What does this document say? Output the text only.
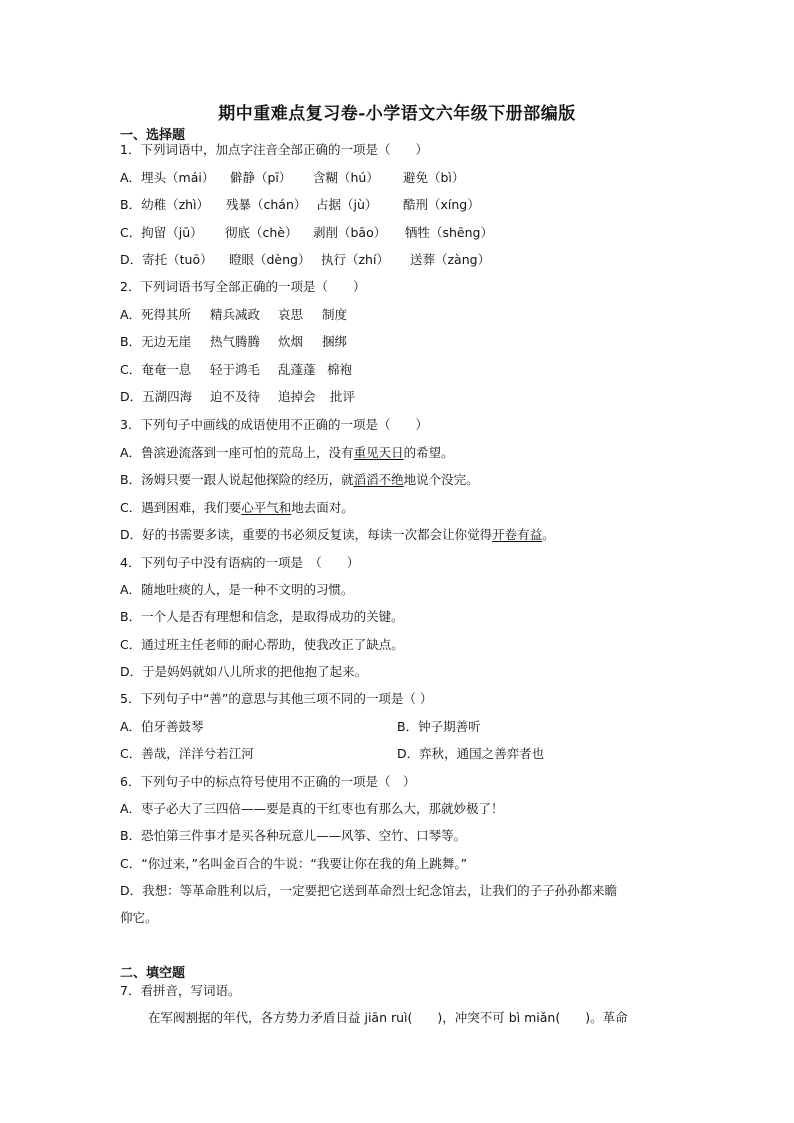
期中重难点复习卷-小学语文六年级下册部编版
一、选择题
1．下列词语中，加点字注音全部正确的一项是（　　）
A．埋头（mái） 僻静（pī） 含糊（hú） 避免（bì）
B．幼稚（zhì） 残暴（chán） 占据（jù） 酷刑（xíng）
C．拘留（jū） 彻底（chè） 剥削（bāo） 牺牲（shēng）
D．寄托（tuō） 瞪眼（dèng） 执行（zhí） 送葬（zàng）
2．下列词语书写全部正确的一项是（　　）
A．死得其所 精兵减政 哀思 制度
B．无边无崖 热气腾腾 炊烟 捆绑
C．奄奄一息 轻于鸿毛 乱蓬蓬 棉袍
D．五湖四海 迫不及待 追掉会 批评
3．下列句子中画线的成语使用不正确的一项是（　　）
A．鲁滨逊流落到一座可怕的荒岛上，没有重见天日的希望。
B．汤姆只要一跟人说起他探险的经历，就滔滔不绝地说个没完。
C．遇到困难，我们要心平气和地去面对。
D．好的书需要多读，重要的书必须反复读，每读一次都会让你觉得开卷有益。
4．下列句子中没有语病的一项是　（　　）
A．随地吐痰的人，是一种不文明的习惯。
B．一个人是否有理想和信念，是取得成功的关键。
C．通过班主任老师的耐心帮助，使我改正了缺点。
D．于是妈妈就如八儿所求的把他抱了起来。
5．下列句子中“善”的意思与其他三项不同的一项是（ ）
A．伯牙善鼓琴	B．钟子期善听
C．善哉，洋洋兮若江河	D．弈秋，通国之善弈者也
6．下列句子中的标点符号使用不正确的一项是（　）
A．枣子必大了三四倍——要是真的干红枣也有那么大，那就妙极了！
B．恐怕第三件事才是买各种玩意儿——风筝、空竹、口琴等。
C．“你过来，”名叫金百合的牛说：“我要让你在我的角上跳舞。”
D．我想：等革命胜利以后，一定要把它送到革命烈士纪念馆去，让我们的子子孙孙都来瞻
仰它。
二、填空题
7．看拼音，写词语。
在军阀割据的年代，各方势力矛盾日益 jiān ruì(　　)，冲突不可 bì miǎn(　　)。革命
